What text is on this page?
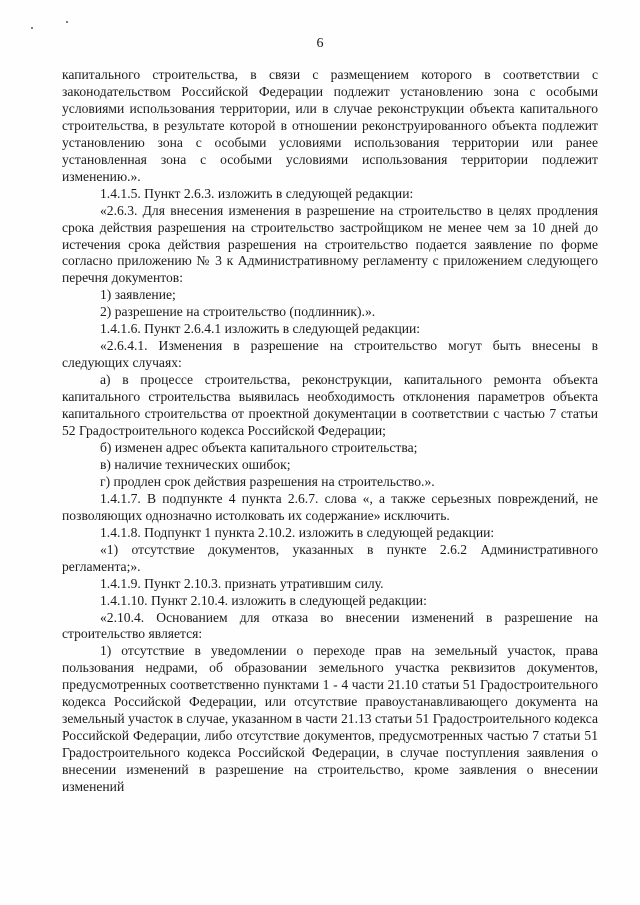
6

капитального строительства, в связи с размещением которого в соответствии с законодательством Российской Федерации подлежит установлению зона с особыми условиями использования территории, или в случае реконструкции объекта капитального строительства, в результате которой в отношении реконструированного объекта подлежит установлению зона с особыми условиями использования территории или ранее установленная зона с особыми условиями использования территории подлежит изменению.».

1.4.1.5. Пункт 2.6.3. изложить в следующей редакции:

«2.6.3. Для внесения изменения в разрешение на строительство в целях продления срока действия разрешения на строительство застройщиком не менее чем за 10 дней до истечения срока действия разрешения на строительство подается заявление по форме согласно приложению № 3 к Административному регламенту с приложением следующего перечня документов:

1) заявление;

2) разрешение на строительство (подлинник).».

1.4.1.6. Пункт 2.6.4.1 изложить в следующей редакции:

«2.6.4.1. Изменения в разрешение на строительство могут быть внесены в следующих случаях:

а) в процессе строительства, реконструкции, капитального ремонта объекта капитального строительства выявилась необходимость отклонения параметров объекта капитального строительства от проектной документации в соответствии с частью 7 статьи 52 Градостроительного кодекса Российской Федерации;

б) изменен адрес объекта капитального строительства;

в) наличие технических ошибок;

г) продлен срок действия разрешения на строительство.».

1.4.1.7. В подпункте 4 пункта 2.6.7. слова «, а также серьезных повреждений, не позволяющих однозначно истолковать их содержание» исключить.

1.4.1.8. Подпункт 1 пункта 2.10.2. изложить в следующей редакции:

«1) отсутствие документов, указанных в пункте 2.6.2 Административного регламента;».

1.4.1.9. Пункт 2.10.3. признать утратившим силу.

1.4.1.10. Пункт 2.10.4. изложить в следующей редакции:

«2.10.4. Основанием для отказа во внесении изменений в разрешение на строительство является:

1) отсутствие в уведомлении о переходе прав на земельный участок, права пользования недрами, об образовании земельного участка реквизитов документов, предусмотренных соответственно пунктами 1 - 4 части 21.10 статьи 51 Градостроительного кодекса Российской Федерации, или отсутствие правоустанавливающего документа на земельный участок в случае, указанном в части 21.13 статьи 51 Градостроительного кодекса Российской Федерации, либо отсутствие документов, предусмотренных частью 7 статьи 51 Градостроительного кодекса Российской Федерации, в случае поступления заявления о внесении изменений в разрешение на строительство, кроме заявления о внесении изменений
